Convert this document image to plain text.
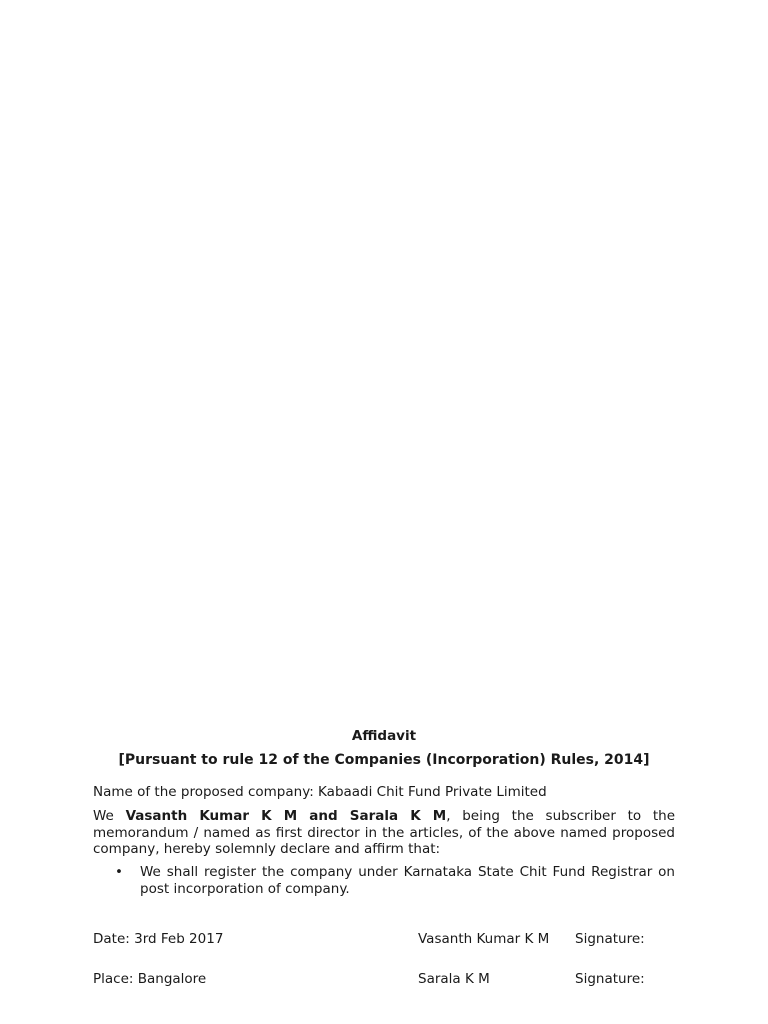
Affidavit
[Pursuant to rule 12 of the Companies (Incorporation) Rules, 2014]
Name of the proposed company: Kabaadi Chit Fund Private Limited
We Vasanth Kumar K M and Sarala K M, being the subscriber to the memorandum / named as first director in the articles, of the above named proposed company, hereby solemnly declare and affirm that:
•	We shall register the company under Karnataka State Chit Fund Registrar on post incorporation of company.
Date: 3rd Feb 2017	Vasanth Kumar K M Signature:
Place: Bangalore	Sarala K M	Signature:
